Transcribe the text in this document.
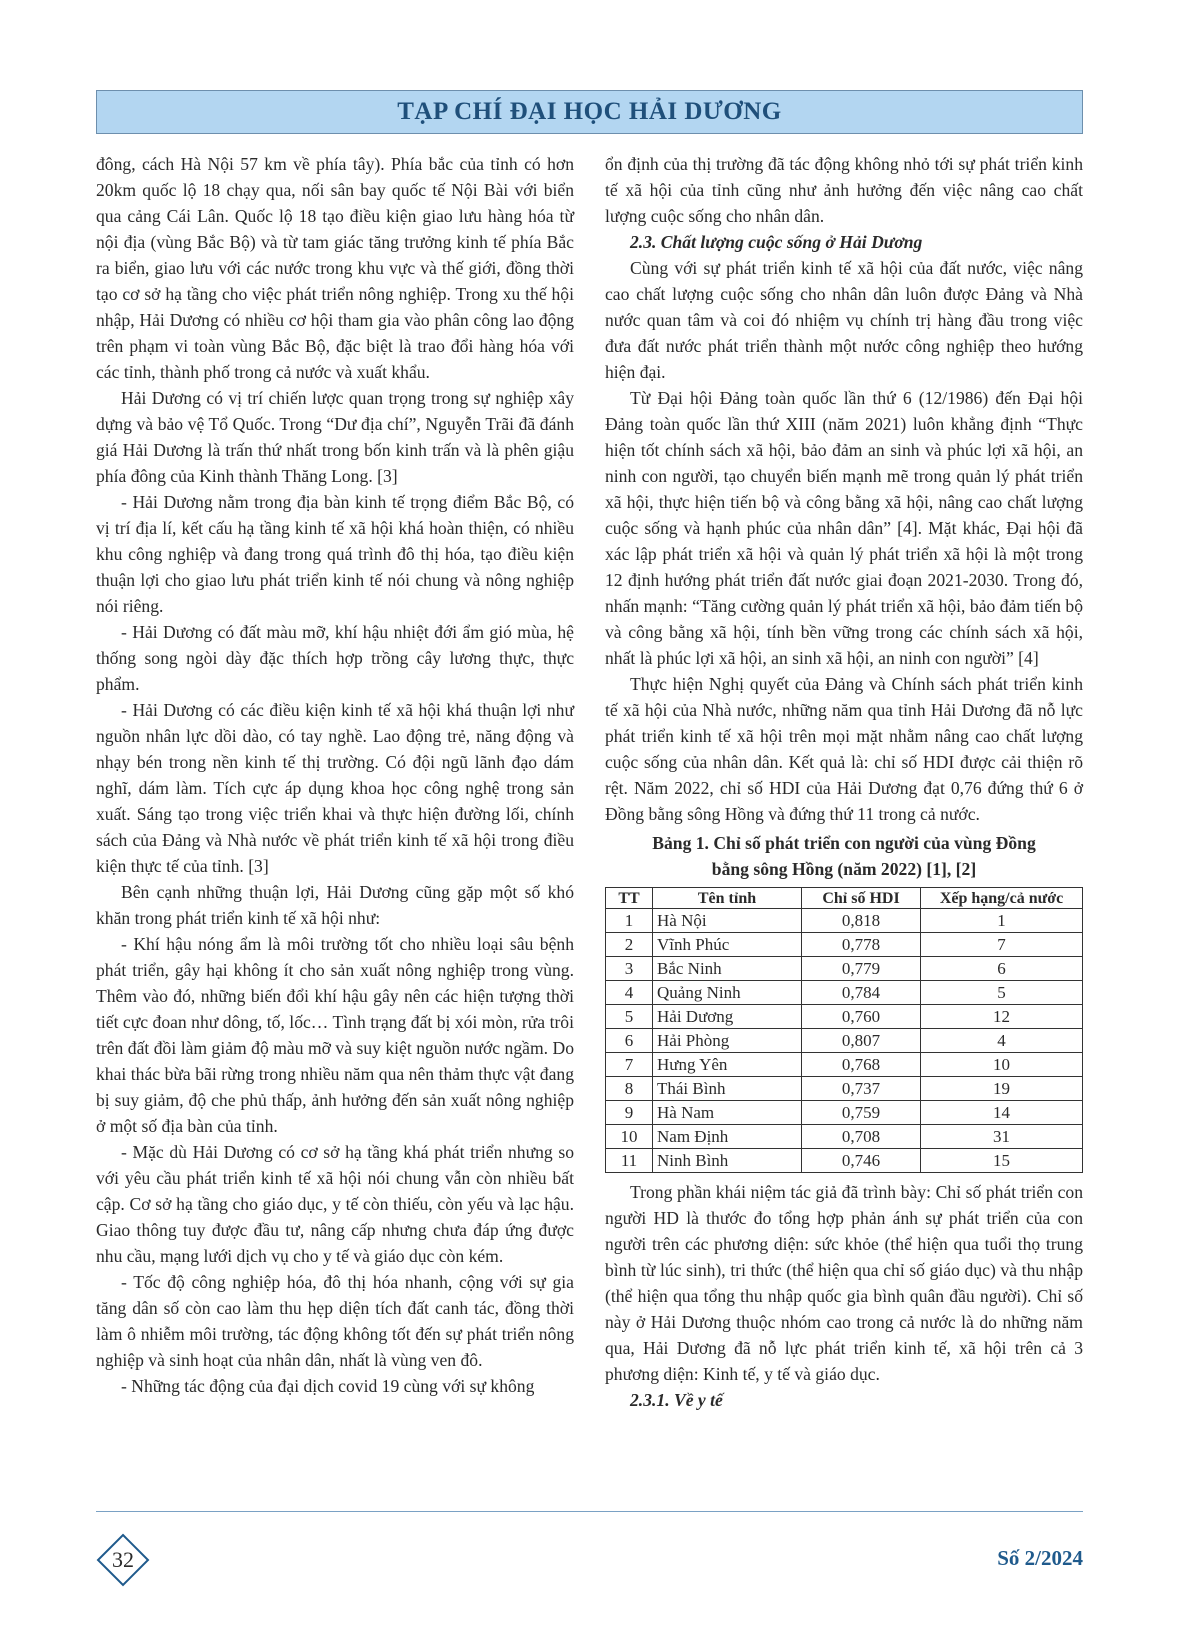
TẠP CHÍ ĐẠI HỌC HẢI DƯƠNG

đông, cách Hà Nội 57 km về phía tây). Phía bắc của tỉnh có hơn 20km quốc lộ 18 chạy qua, nối sân bay quốc tế Nội Bài với biển qua cảng Cái Lân. Quốc lộ 18 tạo điều kiện giao lưu hàng hóa từ nội địa (vùng Bắc Bộ) và từ tam giác tăng trưởng kinh tế phía Bắc ra biển, giao lưu với các nước trong khu vực và thế giới, đồng thời tạo cơ sở hạ tầng cho việc phát triển nông nghiệp. Trong xu thế hội nhập, Hải Dương có nhiều cơ hội tham gia vào phân công lao động trên phạm vi toàn vùng Bắc Bộ, đặc biệt là trao đổi hàng hóa với các tỉnh, thành phố trong cả nước và xuất khẩu.

Hải Dương có vị trí chiến lược quan trọng trong sự nghiệp xây dựng và bảo vệ Tổ Quốc. Trong “Dư địa chí”, Nguyễn Trãi đã đánh giá Hải Dương là trấn thứ nhất trong bốn kinh trấn và là phên giậu phía đông của Kinh thành Thăng Long. [3]

- Hải Dương nằm trong địa bàn kinh tế trọng điểm Bắc Bộ, có vị trí địa lí, kết cấu hạ tầng kinh tế xã hội khá hoàn thiện, có nhiều khu công nghiệp và đang trong quá trình đô thị hóa, tạo điều kiện thuận lợi cho giao lưu phát triển kinh tế nói chung và nông nghiệp nói riêng.

- Hải Dương có đất màu mỡ, khí hậu nhiệt đới ẩm gió mùa, hệ thống song ngòi dày đặc thích hợp trồng cây lương thực, thực phẩm.

- Hải Dương có các điều kiện kinh tế xã hội khá thuận lợi như nguồn nhân lực dồi dào, có tay nghề. Lao động trẻ, năng động và nhạy bén trong nền kinh tế thị trường. Có đội ngũ lãnh đạo dám nghĩ, dám làm. Tích cực áp dụng khoa học công nghệ trong sản xuất. Sáng tạo trong việc triển khai và thực hiện đường lối, chính sách của Đảng và Nhà nước về phát triển kinh tế xã hội trong điều kiện thực tế của tỉnh. [3]

Bên cạnh những thuận lợi, Hải Dương cũng gặp một số khó khăn trong phát triển kinh tế xã hội như:

- Khí hậu nóng ẩm là môi trường tốt cho nhiều loại sâu bệnh phát triển, gây hại không ít cho sản xuất nông nghiệp trong vùng. Thêm vào đó, những biến đổi khí hậu gây nên các hiện tượng thời tiết cực đoan như dông, tố, lốc… Tình trạng đất bị xói mòn, rửa trôi trên đất đồi làm giảm độ màu mỡ và suy kiệt nguồn nước ngầm. Do khai thác bừa bãi rừng trong nhiều năm qua nên thảm thực vật đang bị suy giảm, độ che phủ thấp, ảnh hưởng đến sản xuất nông nghiệp ở một số địa bàn của tỉnh.

- Mặc dù Hải Dương có cơ sở hạ tầng khá phát triển nhưng so với yêu cầu phát triển kinh tế xã hội nói chung vẫn còn nhiều bất cập. Cơ sở hạ tầng cho giáo dục, y tế còn thiếu, còn yếu và lạc hậu. Giao thông tuy được đầu tư, nâng cấp nhưng chưa đáp ứng được nhu cầu, mạng lưới dịch vụ cho y tế và giáo dục còn kém.

- Tốc độ công nghiệp hóa, đô thị hóa nhanh, cộng với sự gia tăng dân số còn cao làm thu hẹp diện tích đất canh tác, đồng thời làm ô nhiễm môi trường, tác động không tốt đến sự phát triển nông nghiệp và sinh hoạt của nhân dân, nhất là vùng ven đô.

- Những tác động của đại dịch covid 19 cùng với sự không

ổn định của thị trường đã tác động không nhỏ tới sự phát triển kinh tế xã hội của tỉnh cũng như ảnh hưởng đến việc nâng cao chất lượng cuộc sống cho nhân dân.

2.3. Chất lượng cuộc sống ở Hải Dương

Cùng với sự phát triển kinh tế xã hội của đất nước, việc nâng cao chất lượng cuộc sống cho nhân dân luôn được Đảng và Nhà nước quan tâm và coi đó nhiệm vụ chính trị hàng đầu trong việc đưa đất nước phát triển thành một nước công nghiệp theo hướng hiện đại.

Từ Đại hội Đảng toàn quốc lần thứ 6 (12/1986) đến Đại hội Đảng toàn quốc lần thứ XIII (năm 2021) luôn khẳng định “Thực hiện tốt chính sách xã hội, bảo đảm an sinh và phúc lợi xã hội, an ninh con người, tạo chuyển biến mạnh mẽ trong quản lý phát triển xã hội, thực hiện tiến bộ và công bằng xã hội, nâng cao chất lượng cuộc sống và hạnh phúc của nhân dân” [4]. Mặt khác, Đại hội đã xác lập phát triển xã hội và quản lý phát triển xã hội là một trong 12 định hướng phát triển đất nước giai đoạn 2021-2030. Trong đó, nhấn mạnh: “Tăng cường quản lý phát triển xã hội, bảo đảm tiến bộ và công bằng xã hội, tính bền vững trong các chính sách xã hội, nhất là phúc lợi xã hội, an sinh xã hội, an ninh con người” [4]

Thực hiện Nghị quyết của Đảng và Chính sách phát triển kinh tế xã hội của Nhà nước, những năm qua tỉnh Hải Dương đã nỗ lực phát triển kinh tế xã hội trên mọi mặt nhằm nâng cao chất lượng cuộc sống của nhân dân. Kết quả là: chỉ số HDI được cải thiện rõ rệt. Năm 2022, chỉ số HDI của Hải Dương đạt 0,76 đứng thứ 6 ở Đồng bằng sông Hồng và đứng thứ 11 trong cả nước.

Bảng 1. Chỉ số phát triển con người của vùng Đồng
bằng sông Hồng (năm 2022) [1], [2]
TT	Tên tỉnh	Chỉ số HDI	Xếp hạng/cả nước
1	Hà Nội	0,818	1
2	Vĩnh Phúc	0,778	7
3	Bắc Ninh	0,779	6
4	Quảng Ninh	0,784	5
5	Hải Dương	0,760	12
6	Hải Phòng	0,807	4
7	Hưng Yên	0,768	10
8	Thái Bình	0,737	19
9	Hà Nam	0,759	14
10	Nam Định	0,708	31
11	Ninh Bình	0,746	15

Trong phần khái niệm tác giả đã trình bày: Chỉ số phát triển con người HD là thước đo tổng hợp phản ánh sự phát triển của con người trên các phương diện: sức khỏe (thể hiện qua tuổi thọ trung bình từ lúc sinh), tri thức (thể hiện qua chỉ số giáo dục) và thu nhập (thể hiện qua tổng thu nhập quốc gia bình quân đầu người). Chỉ số này ở Hải Dương thuộc nhóm cao trong cả nước là do những năm qua, Hải Dương đã nỗ lực phát triển kinh tế, xã hội trên cả 3 phương diện: Kinh tế, y tế và giáo dục.

2.3.1. Về y tế
32	Số 2/2024
